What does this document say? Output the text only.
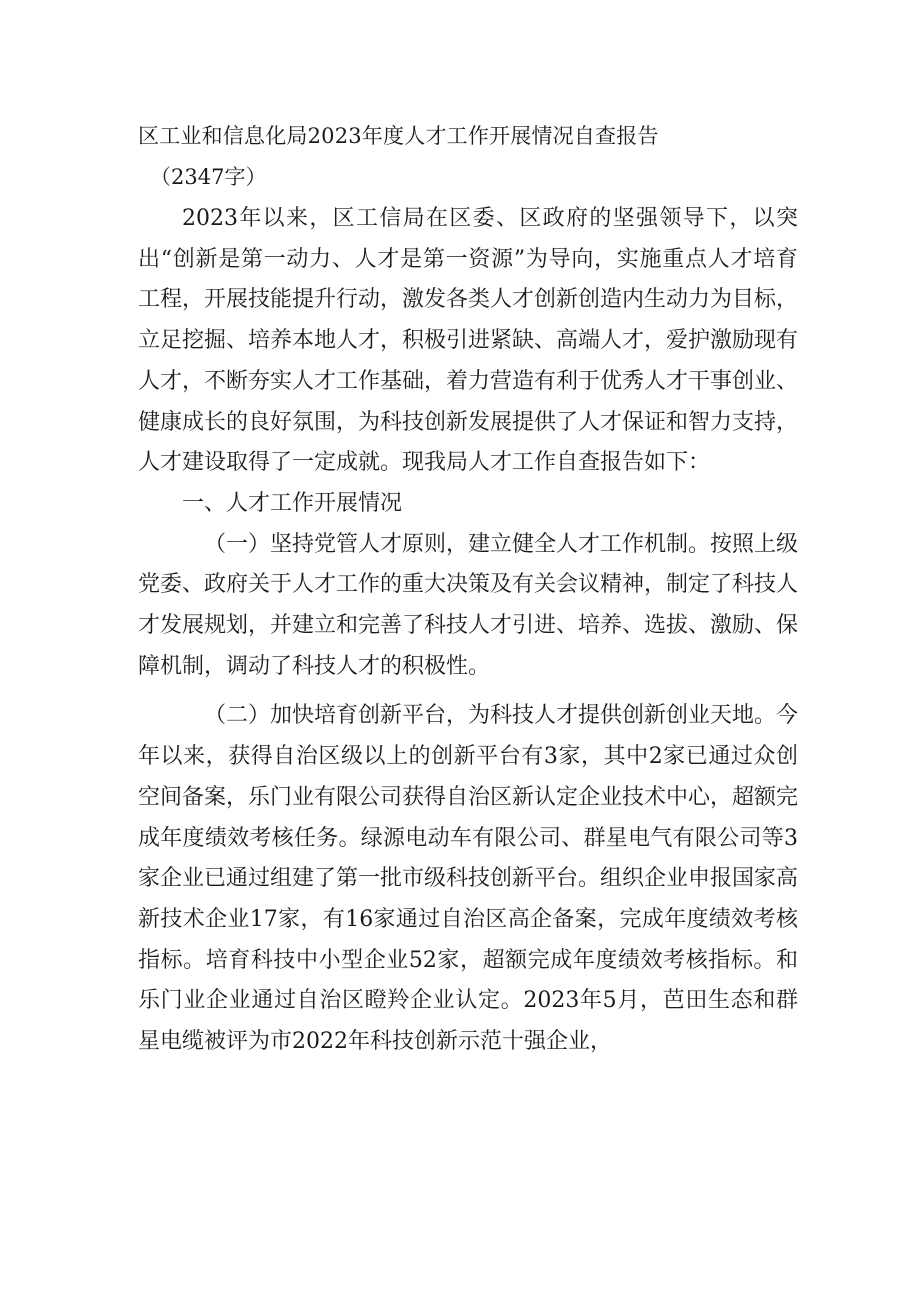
区工业和信息化局2023年度人才工作开展情况自查报告
（2347字）

2023年以来，区工信局在区委、区政府的坚强领导下，以突出“创新是第一动力、人才是第一资源”为导向，实施重点人才培育工程，开展技能提升行动，激发各类人才创新创造内生动力为目标，立足挖掘、培养本地人才，积极引进紧缺、高端人才，爱护激励现有人才，不断夯实人才工作基础，着力营造有利于优秀人才干事创业、健康成长的良好氛围，为科技创新发展提供了人才保证和智力支持，人才建设取得了一定成就。现我局人才工作自查报告如下：

一、人才工作开展情况

（一）坚持党管人才原则，建立健全人才工作机制。按照上级党委、政府关于人才工作的重大决策及有关会议精神，制定了科技人才发展规划，并建立和完善了科技人才引进、培养、选拔、激励、保障机制，调动了科技人才的积极性。

（二）加快培育创新平台，为科技人才提供创新创业天地。今年以来，获得自治区级以上的创新平台有3家，其中2家已通过众创空间备案，乐门业有限公司获得自治区新认定企业技术中心，超额完成年度绩效考核任务。绿源电动车有限公司、群星电气有限公司等3家企业已通过组建了第一批市级科技创新平台。组织企业申报国家高新技术企业17家，有16家通过自治区高企备案，完成年度绩效考核指标。培育科技中小型企业52家，超额完成年度绩效考核指标。和乐门业企业通过自治区瞪羚企业认定。2023年5月，芭田生态和群星电缆被评为市2022年科技创新示范十强企业，
